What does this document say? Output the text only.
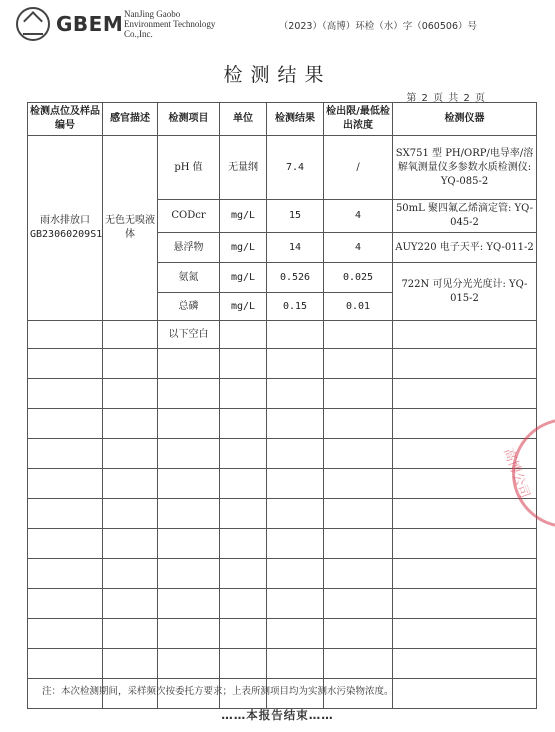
GBEM NanJing Gaobo
Environment Technology
Co.,Inc.
（2023）（高博）环检（水）字（060506）号
检测结果
第 2 页 共 2 页
检测点位及样品编号	感官描述	检测项目	单位	检测结果	检出限/最低检出浓度	检测仪器

雨水排放口
GB23060209S1	无色无嗅液体	pH 值	无量纲	7.4	/	SX751 型 PH/ORP/电导率/溶解氧测量仪多参数水质检测仪: YQ-085-2
		CODcr	mg/L	15	4	50mL 聚四氟乙烯滴定管: YQ-045-2
		悬浮物	mg/L	14	4	AUY220 电子天平: YQ-011-2
		氨氮	mg/L	0.526	0.025	722N 可见分光光度计: YQ-015-2
		总磷	mg/L	0.15	0.01	
		以下空白				

高博公司
注：本次检测期间，采样频次按委托方要求；上表所测项目均为实测水污染物浓度。
……本报告结束……
